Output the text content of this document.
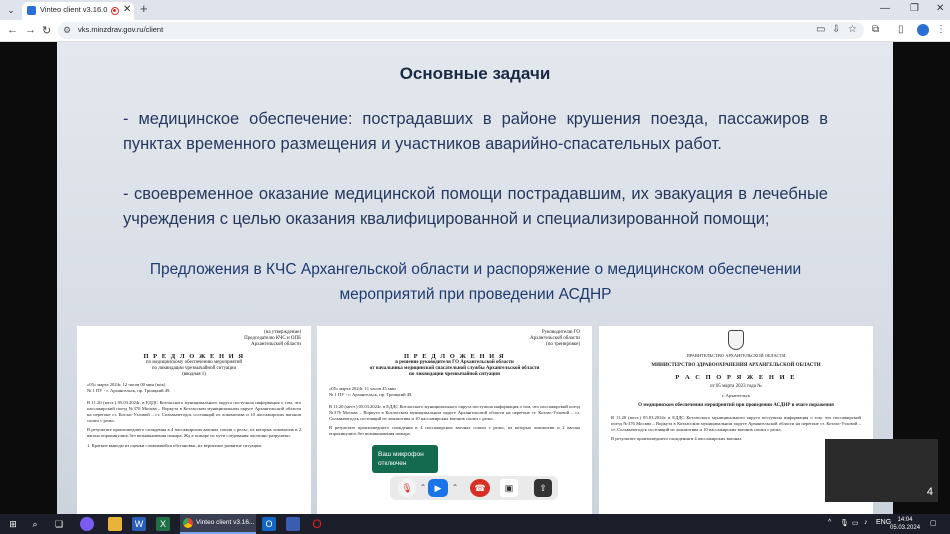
⌄	Vinteo client v3.16.0 ✕ +	— ❐ ✕
← → ↻ ⚙ vks.minzdrav.gov.ru/client	▭ ⇩ ☆ ⧉ ▯	⋮
Основные задачи
- медицинское обеспечение: пострадавших в районе крушения поезда, пассажиров в пунктах временного размещения и участников аварийно-спасательных работ.
- своевременное оказание медицинской помощи пострадавшим, их эвакуация в лечебные учреждения с целью оказания квалифицированной и специализированной помощи;
Предложения в КЧС Архангельской области и распоряжение о медицинском обеспечении мероприятий при проведении АСДНР
(на утверждение)
Председателю КЧС и ОПБ
Архангельской области
П Р Е Д Л О Ж Е Н И Я
по медицинскому обеспечению мероприятий
по ликвидации чрезвычайной ситуации
(вводная 1)
«05» марта 2024г. 12 часов 00 мин (мск)
№ 1 ПУ - г. Архангельск, пр. Троицкий 49.
В 11.20 (мест.) 05.03.2024г. в ЕДДС Котласского муниципального округа поступила информация о том, что пассажирский поезд №376 Москва – Воркута в Котласском муниципальном округе Архангельской области на перегоне ст. Котлас-Узловой – ст. Сольвычегодск состоящий из локомотива и 10 пассажирских вагонов сошел с рельс.
В результате произошедшего схождения в 4 пассажирских вагонах сошли с рельс, из которых локомотив и 2 вагона опрокинулись без возникновения пожара. Жд в пожаре по пути следования частично разрушено.
1. Краткие выводы из оценки сложившейся обстановки, их вероятное развитие ситуации.
Руководителю ГО
Архангельской области
(по тренировке)
П Р Е Д Л О Ж Е Н И Я
в решение руководителя ГО Архангельской области
от начальника медицинской спасательной службы Архангельской области
по ликвидации чрезвычайной ситуации
«05» марта 2024г. 11 часов 45 мин
№ 1 ПУ - г. Архангельск, пр. Троицкий 49.
В 11.20 (мест.) 05.03.2024г. в ЕДДС Котласского муниципального округа поступила информация о том, что пассажирский поезд №376 Москва – Воркута в Котласском муниципальном округе Архангельской области на перегоне ст. Котлас-Узловой – ст. Сольвычегодск состоящий из локомотива и 10 пассажирских вагонов сошел с рельс.
В результате произошедшего схождения в 4 пассажирских вагонах сошли с рельс, из которых локомотив и 2 вагона опрокинулись без возникновения пожара.
ПРАВИТЕЛЬСТВО АРХАНГЕЛЬСКОЙ ОБЛАСТИ
МИНИСТЕРСТВО ЗДРАВООХРАНЕНИЯ АРХАНГЕЛЬСКОЙ ОБЛАСТИ
Р А С П О Р Я Ж Е Н И Е
от 05 марта 2023 года №
г. Архангельск
О медицинском обеспечении мероприятий при проведении АСДНР в очаге поражения
В 11.20 (мест.) 05.03.2024г. в ЕДДС Котласского муниципального округа поступила информация о том, что пассажирский поезд №376 Москва – Воркута в Котласском муниципальном округе Архангельской области на перегоне ст. Котлас-Узловой – ст. Сольвычегодск состоящий из локомотива и 10 пассажирских вагонов сошел с рельс.
В результате произошедшего схождения в 4 пассажирских вагонах
4
Ваш микрофон отключен
🎙 ⌃ ▶	⌃	☎	▣	⇧
⊞	⌕	❏	W	X	Vinteo client v3.16...	O	O	^ 🎙 ▭ ♪ ENG	14:04
05.03.2024
▢
